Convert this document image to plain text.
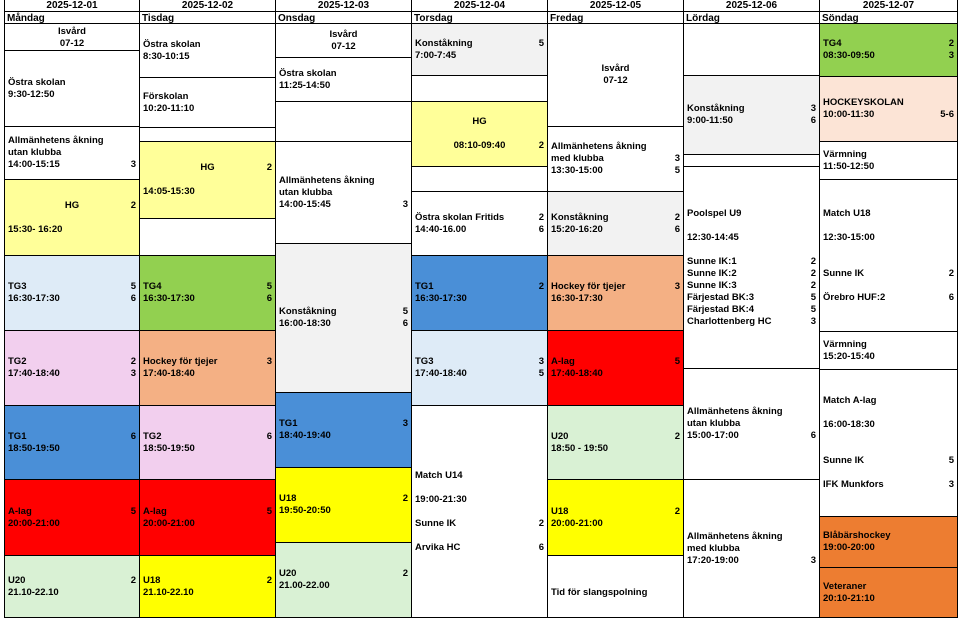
2025-12-01
Måndag
Isvård
07-12
Östra skolan
9:30-12:50
Allmänhetens åkning
utan klubba
14:00-15:15	3
HG	2
15:30- 16:20
TG3	5
16:30-17:30	6
TG2	2
17:40-18:40	3
TG1	6
18:50-19:50
A-lag	5
20:00-21:00
U20	2
21.10-22.10
2025-12-02
Tisdag
Östra skolan
8:30-10:15
Förskolan
10:20-11:10
HG	2
14:05-15:30
TG4	5
16:30-17:30	6
Hockey för tjejer	3
17:40-18:40
TG2	6
18:50-19:50
A-lag	5
20:00-21:00
U18	2
21.10-22.10
2025-12-03
Onsdag
Isvård
07-12
Östra skolan
11:25-14:50
Allmänhetens åkning
utan klubba
14:00-15:45	3
Konståkning	5
16:00-18:30	6
TG1	3
18:40-19:40
U18	2
19:50-20:50
U20	2
21.00-22.00
2025-12-04
Torsdag
Konståkning	5
7:00-7:45
HG
08:10-09:40	2
Östra skolan Fritids	2
14:40-16.00	6
TG1	2
16:30-17:30
TG3	3
17:40-18:40	5
Match U14
19:00-21:30
Sunne IK	2
Arvika HC	6
2025-12-05
Fredag
Isvård
07-12
Allmänhetens åkning
med klubba	3
13:30-15:00	5
Konståkning	2
15:20-16:20	6
Hockey för tjejer	3
16:30-17:30
A-lag	5
17:40-18:40
U20	2
18:50 - 19:50
U18	2
20:00-21:00
Tid för slangspolning
2025-12-06
Lördag
Konståkning	3
9:00-11:50	6
Poolspel U9
12:30-14:45
Sunne IK:1	2
Sunne IK:2	2
Sunne IK:3	2
Färjestad BK:3	5
Färjestad BK:4	5
Charlottenberg HC	3
Allmänhetens åkning
utan klubba
15:00-17:00	6
Allmänhetens åkning
med klubba
17:20-19:00	3
2025-12-07
Söndag
TG4	2
08:30-09:50	3
HOCKEYSKOLAN
10:00-11:30	5-6
Värmning
11:50-12:50
Match U18
12:30-15:00
Sunne IK	2
Örebro HUF:2	6
Värmning
15:20-15:40
Match A-lag
16:00-18:30
Sunne IK	5
IFK Munkfors	3
Blåbärshockey
19:00-20:00
Veteraner
20:10-21:10
